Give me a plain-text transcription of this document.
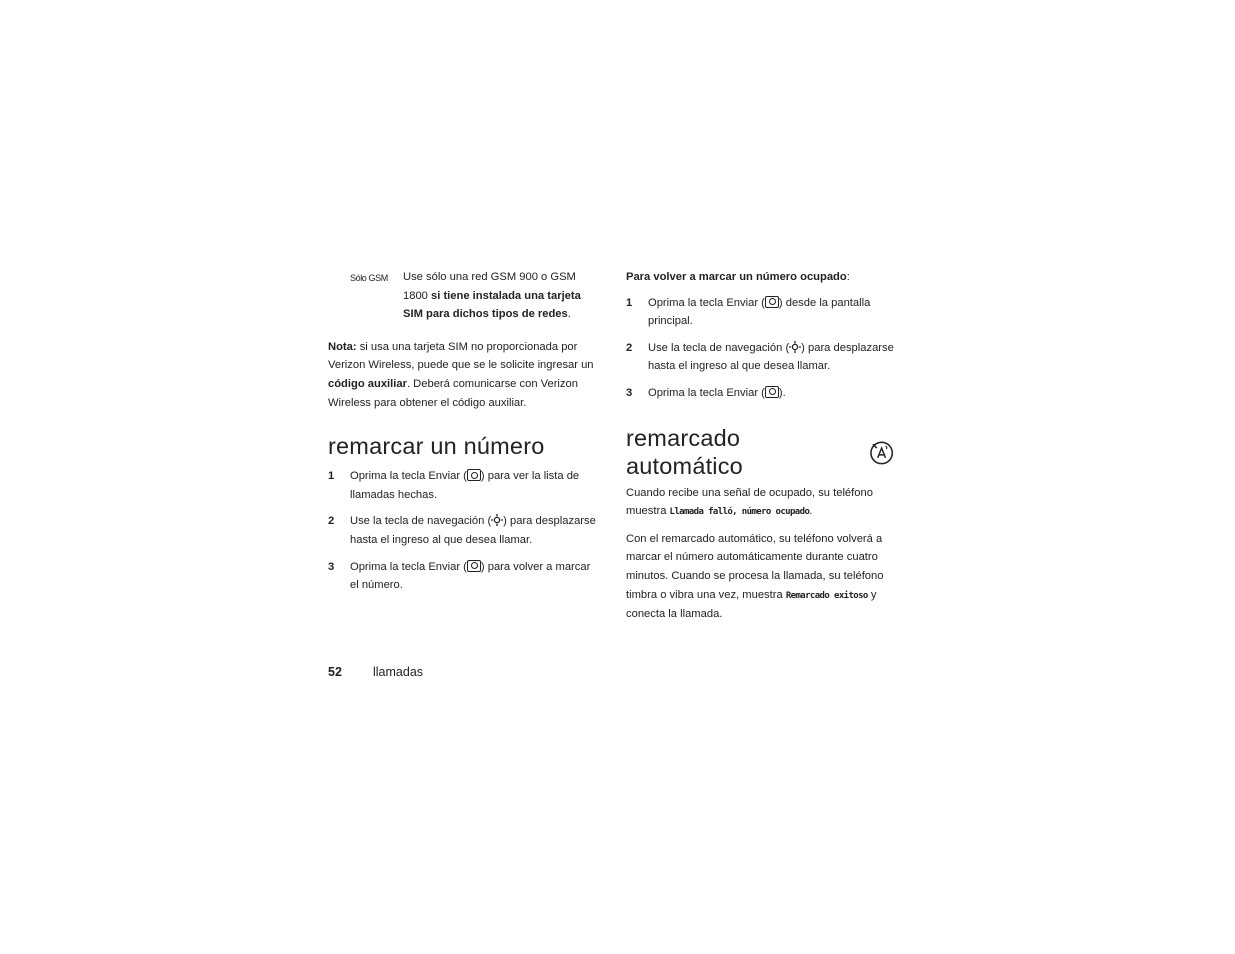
Sólo GSM	Use sólo una red GSM 900 o GSM 1800 si tiene instalada una tarjeta SIM para dichos tipos de redes.
Nota: si usa una tarjeta SIM no proporcionada por Verizon Wireless, puede que se le solicite ingresar un código auxiliar. Deberá comunicarse con Verizon Wireless para obtener el código auxiliar.
remarcar un número
1	Oprima la tecla Enviar ( ) para ver la lista de llamadas hechas.
2	Use la tecla de navegación ( ) para desplazarse hasta el ingreso al que desea llamar.
3	Oprima la tecla Enviar ( ) para volver a marcar el número.
Para volver a marcar un número ocupado:
1	Oprima la tecla Enviar ( ) desde la pantalla principal.
2	Use la tecla de navegación ( ) para desplazarse hasta el ingreso al que desea llamar.
3	Oprima la tecla Enviar ( ).
remarcado automático
Cuando recibe una señal de ocupado, su teléfono muestra Llamada falló, número ocupado.
Con el remarcado automático, su teléfono volverá a marcar el número automáticamente durante cuatro minutos. Cuando se procesa la llamada, su teléfono timbra o vibra una vez, muestra Remarcado exitoso y conecta la llamada.
52	llamadas
